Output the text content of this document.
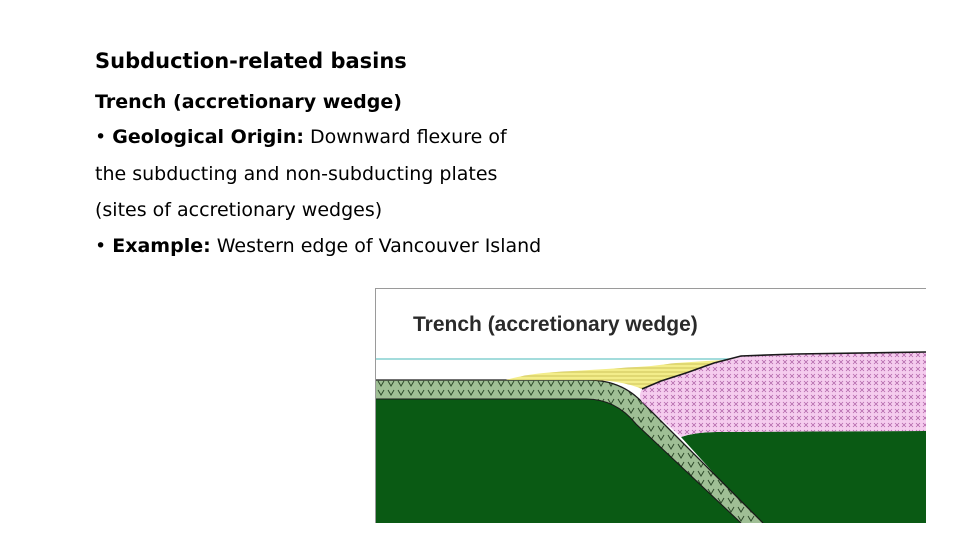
Subduction-related basins
Trench (accretionary wedge)
• Geological Origin: Downward flexure of
the subducting and non-subducting plates
(sites of accretionary wedges)
• Example: Western edge of Vancouver Island
Trench (accretionary wedge)
